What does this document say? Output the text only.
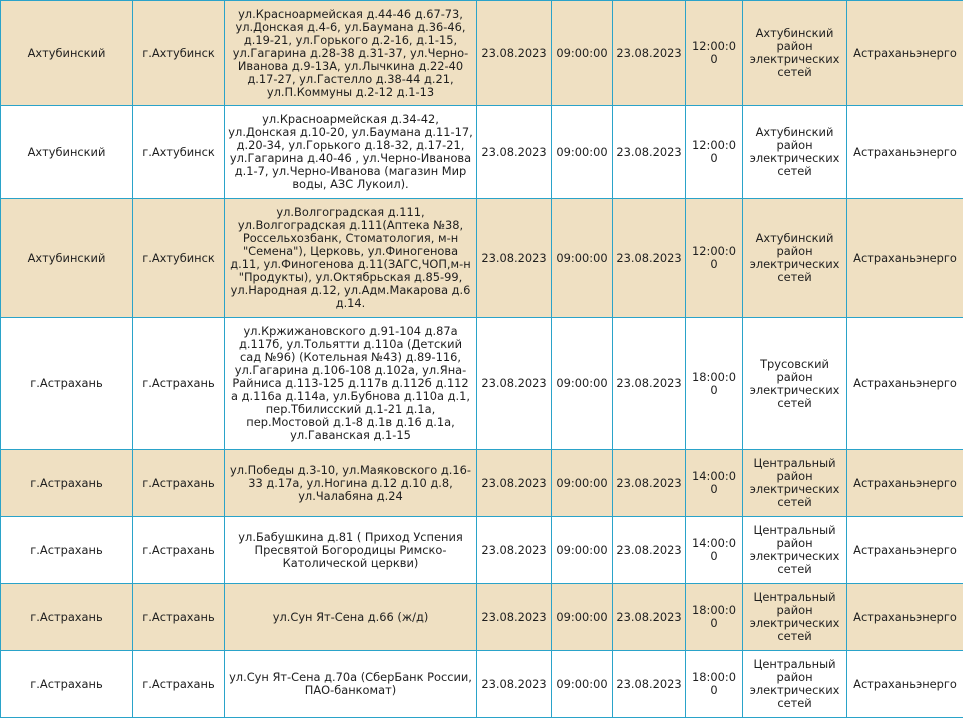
Ахтубинский	г.Ахтубинск	ул.Красноармейская д.44-46 д.67-73, ул.Донская д.4-6, ул.Баумана д.36-46, д.19-21, ул.Горького д.2-16, д.1-15, ул.Гагарина д.28-38 д.31-37, ул.Черно-Иванова д.9-13А, ул.Лычкина д.22-40 д.17-27, ул.Гастелло д.38-44 д.21, ул.П.Коммуны д.2-12 д.1-13	23.08.2023	09:00:00	23.08.2023	12:00:00	Ахтубинский район электрических сетей	Астраханьэнерго
Ахтубинский	г.Ахтубинск	ул.Красноармейская д.34-42, ул.Донская д.10-20, ул.Баумана д.11-17, д.20-34, ул.Горького д.18-32, д.17-21, ул.Гагарина д.40-46 , ул.Черно-Иванова д.1-7, ул.Черно-Иванова (магазин Мир воды, АЗС Лукоил).	23.08.2023	09:00:00	23.08.2023	12:00:00	Ахтубинский район электрических сетей	Астраханьэнерго
Ахтубинский	г.Ахтубинск	ул.Волгоградская д.111, ул.Волгоградская д.111(Аптека №38, Россельхозбанк, Стоматология, м-н "Семена"), Церковь, ул.Финогенова д.11, ул.Финогенова д.11(ЗАГС,ЧОП,м-н "Продукты), ул.Октябрьская д.85-99, ул.Народная д.12, ул.Адм.Макарова д.6 д.14.	23.08.2023	09:00:00	23.08.2023	12:00:00	Ахтубинский район электрических сетей	Астраханьэнерго
г.Астрахань	г.Астрахань	ул.Кржижановского д.91-104 д.87а д.117б, ул.Тольятти д.110а (Детский сад №96) (Котельная №43) д.89-116, ул.Гагарина д.106-108 д.102а, ул.Яна-Райниса д.113-125 д.117в д.112б д.112 а д.116а д.114а, ул.Бубнова д.110а д.1, пер.Тбилисский д.1-21 д.1а, пер.Мостовой д.1-8 д.1в д.16 д.1а, ул.Гаванская д.1-15	23.08.2023	09:00:00	23.08.2023	18:00:00	Трусовский район электрических сетей	Астраханьэнерго
г.Астрахань	г.Астрахань	ул.Победы д.3-10, ул.Маяковского д.16-33 д.17а, ул.Ногина д.12 д.10 д.8, ул.Чалабяна д.24	23.08.2023	09:00:00	23.08.2023	14:00:00	Центральный район электрических сетей	Астраханьэнерго
г.Астрахань	г.Астрахань	ул.Бабушкина д.81 ( Приход Успения Пресвятой Богородицы Римско-Католической церкви)	23.08.2023	09:00:00	23.08.2023	14:00:00	Центральный район электрических сетей	Астраханьэнерго
г.Астрахань	г.Астрахань	ул.Сун Ят-Сена д.66 (ж/д)	23.08.2023	09:00:00	23.08.2023	18:00:00	Центральный район электрических сетей	Астраханьэнерго
г.Астрахань	г.Астрахань	ул.Сун Ят-Сена д.70а (СберБанк России, ПАО-банкомат)	23.08.2023	09:00:00	23.08.2023	18:00:00	Центральный район электрических сетей	Астраханьэнерго
